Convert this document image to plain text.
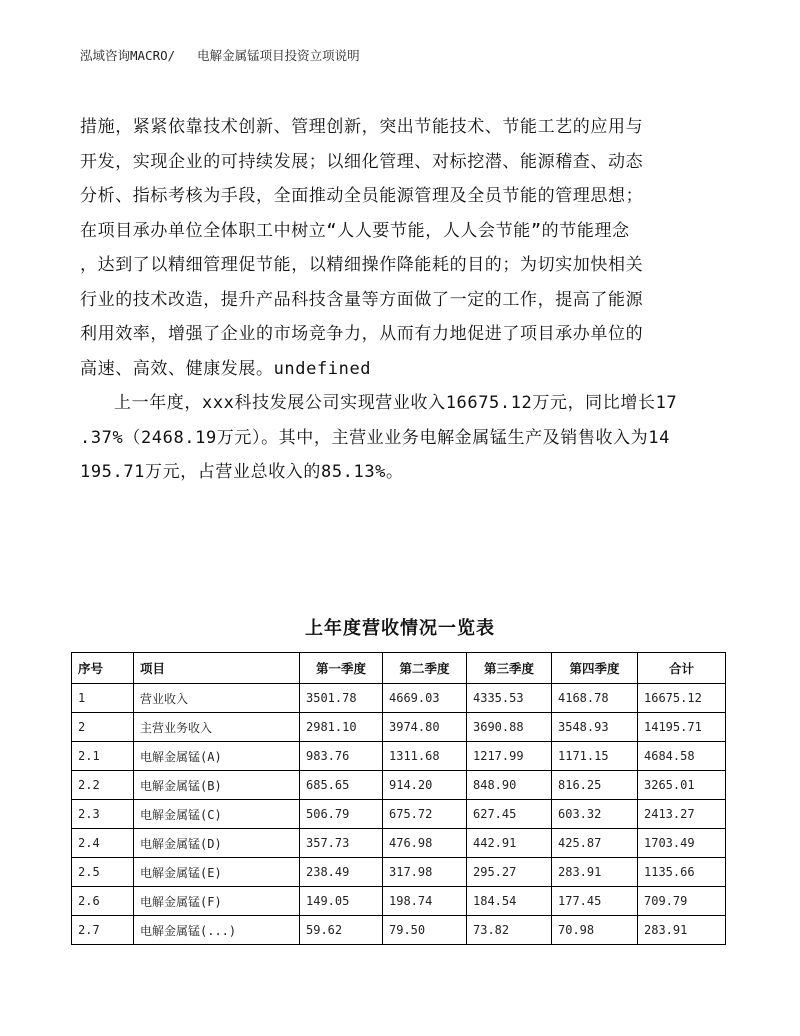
泓域咨询MACRO/ 电解金属锰项目投资立项说明
措施，紧紧依靠技术创新、管理创新，突出节能技术、节能工艺的应用与
开发，实现企业的可持续发展；以细化管理、对标挖潜、能源稽查、动态
分析、指标考核为手段，全面推动全员能源管理及全员节能的管理思想；
在项目承办单位全体职工中树立“人人要节能，人人会节能”的节能理念
，达到了以精细管理促节能，以精细操作降能耗的目的；为切实加快相关
行业的技术改造，提升产品科技含量等方面做了一定的工作，提高了能源
利用效率，增强了企业的市场竞争力，从而有力地促进了项目承办单位的
高速、高效、健康发展。undefined
上一年度，xxx科技发展公司实现营业收入16675.12万元，同比增长17
.37%（2468.19万元）。其中，主营业业务电解金属锰生产及销售收入为14
195.71万元，占营业总收入的85.13%。
上年度营收情况一览表
序号	项目	第一季度	第二季度	第三季度	第四季度	合计
1	营业收入	3501.78	4669.03	4335.53	4168.78	16675.12
2	主营业务收入	2981.10	3974.80	3690.88	3548.93	14195.71
2.1	电解金属锰(A)	983.76	1311.68	1217.99	1171.15	4684.58
2.2	电解金属锰(B)	685.65	914.20	848.90	816.25	3265.01
2.3	电解金属锰(C)	506.79	675.72	627.45	603.32	2413.27
2.4	电解金属锰(D)	357.73	476.98	442.91	425.87	1703.49
2.5	电解金属锰(E)	238.49	317.98	295.27	283.91	1135.66
2.6	电解金属锰(F)	149.05	198.74	184.54	177.45	709.79
2.7	电解金属锰(...)	59.62	79.50	73.82	70.98	283.91
